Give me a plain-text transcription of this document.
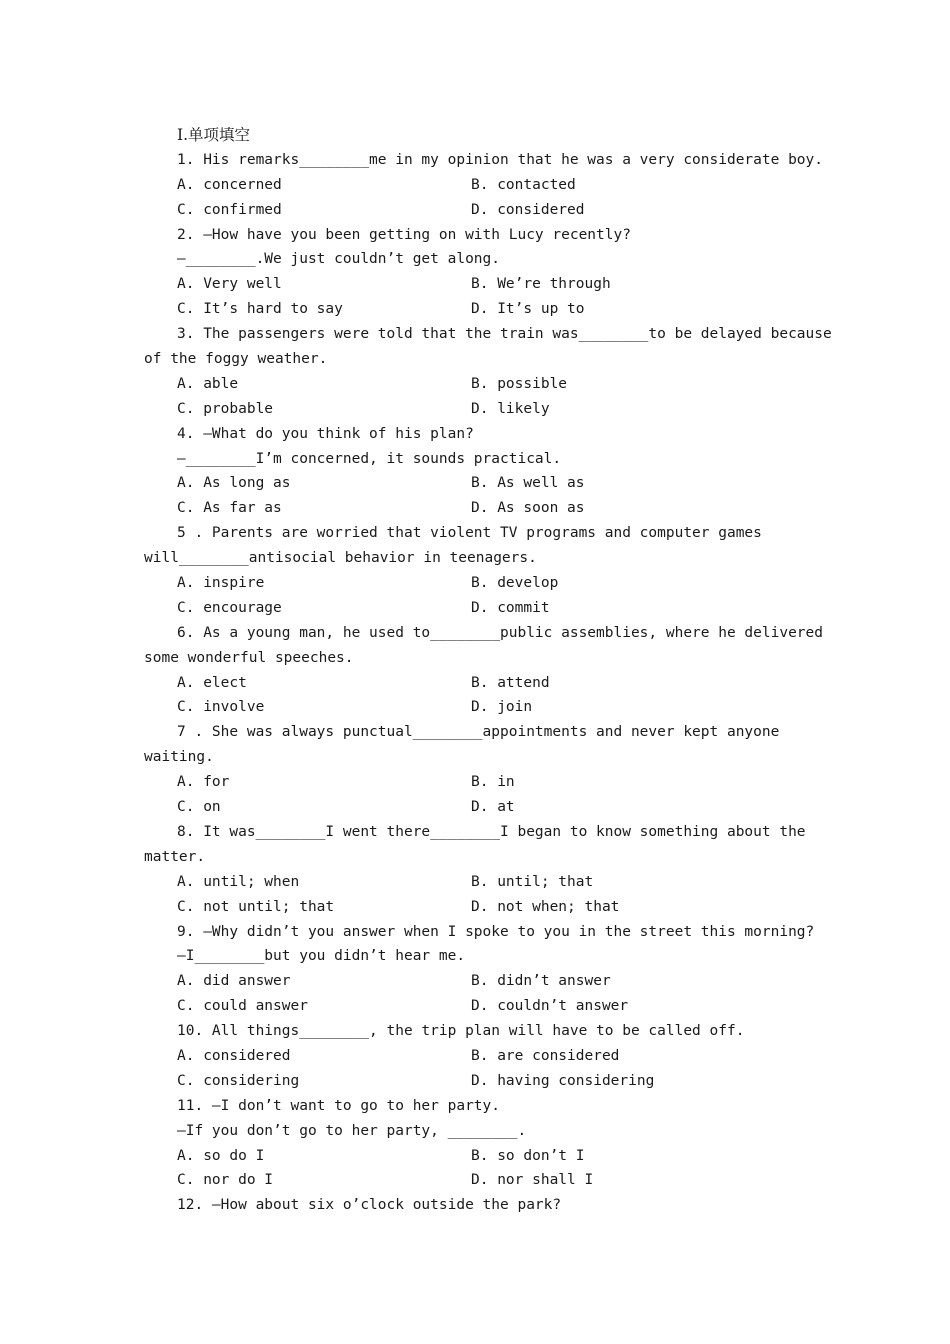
Ⅰ.单项填空
1. His remarks________me in my opinion that he was a very considerate boy.
A. concerned	B. contacted
C. confirmed	D. considered
2. —How have you been getting on with Lucy recently?
—________.We just couldn’t get along.
A. Very well	B. We’re through
C. It’s hard to say	D. It’s up to
3. The passengers were told that the train was________to be delayed because
of the foggy weather.
A. able	B. possible
C. probable	D. likely
4. —What do you think of his plan?
—________I’m concerned, it sounds practical.
A. As long as	B. As well as
C. As far as	D. As soon as
5 . Parents are worried that violent TV programs and computer games
will________antisocial behavior in teenagers.
A. inspire	B. develop
C. encourage	D. commit
6. As a young man, he used to________public assemblies, where he delivered
some wonderful speeches.
A. elect	B. attend
C. involve	D. join
7 . She was always punctual________appointments and never kept anyone
waiting.
A. for	B. in
C. on	D. at
8. It was________I went there________I began to know something about the
matter.
A. until; when	B. until; that
C. not until; that	D. not when; that
9. —Why didn’t you answer when I spoke to you in the street this morning?
—I________but you didn’t hear me.
A. did answer	B. didn’t answer
C. could answer	D. couldn’t answer
10. All things________, the trip plan will have to be called off.
A. considered	B. are considered
C. considering	D. having considering
11. —I don’t want to go to her party.
—If you don’t go to her party, ________.
A. so do I	B. so don’t I
C. nor do I	D. nor shall I
12. —How about six o’clock outside the park?
